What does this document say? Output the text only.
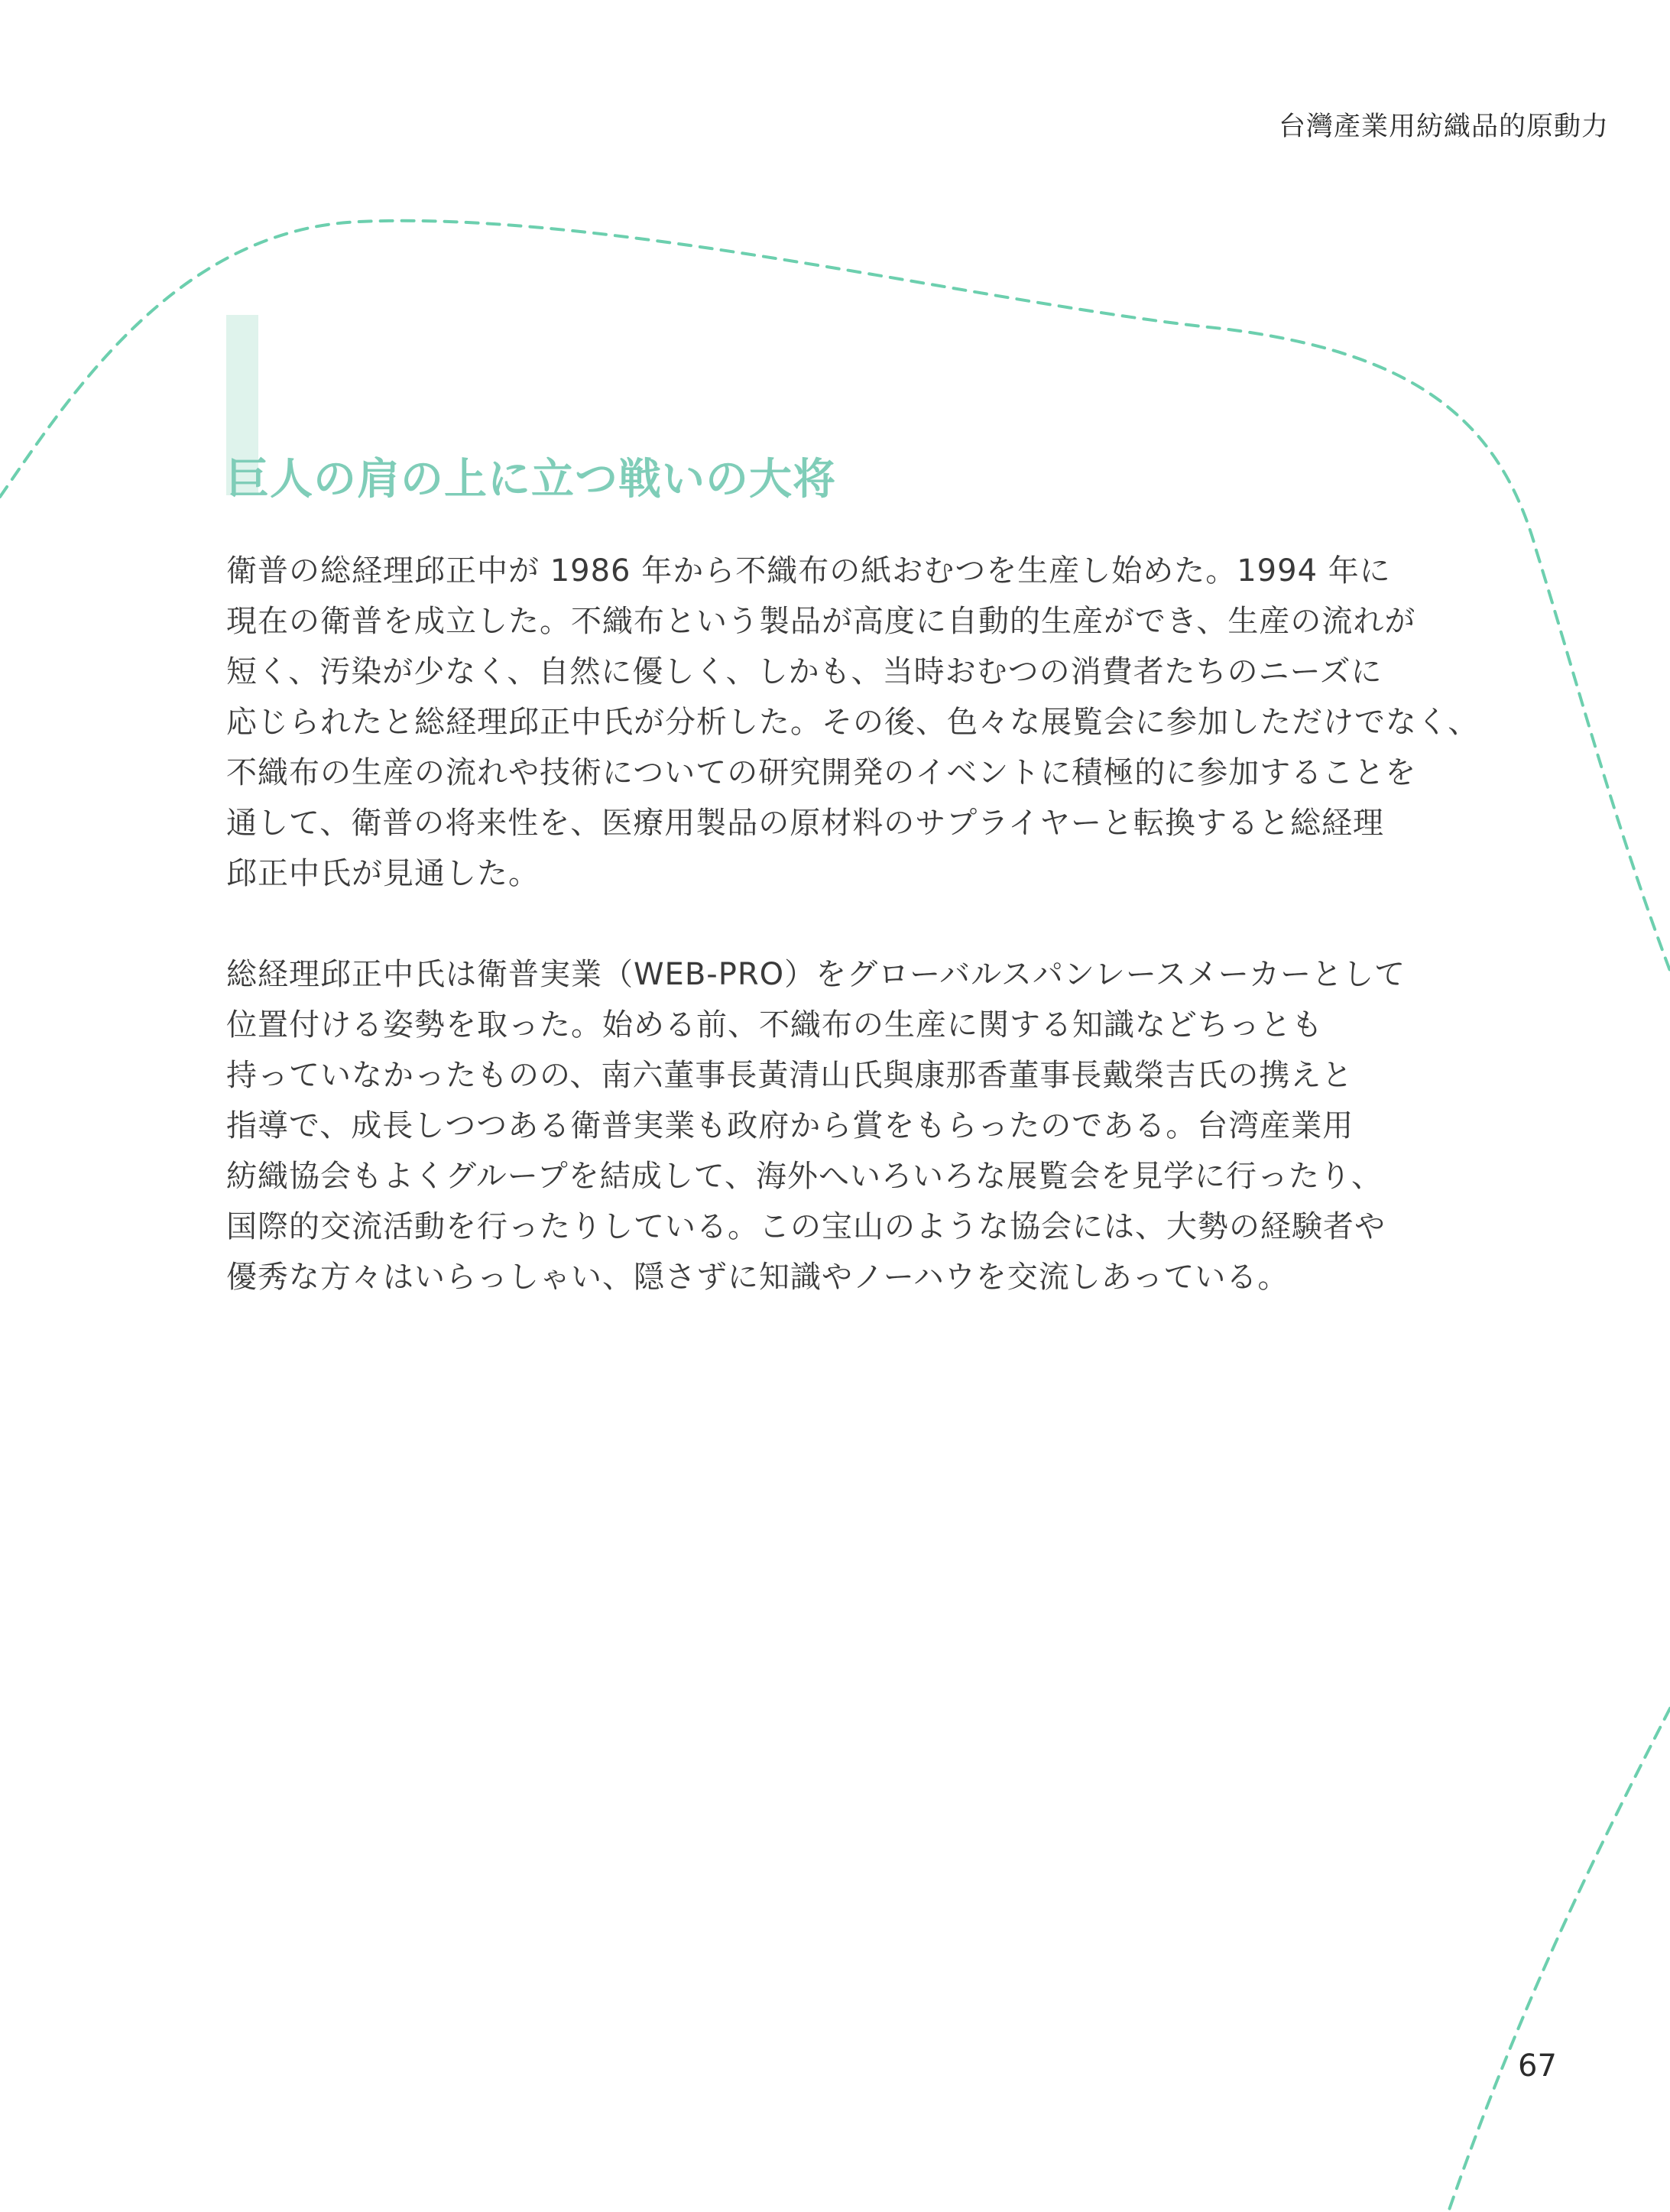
台灣產業用紡織品的原動力
巨人の肩の上に立つ戦いの大将
衛普の総経理邱正中が 1986 年から不織布の紙おむつを生産し始めた。1994 年に
現在の衛普を成立した。不織布という製品が高度に自動的生産ができ、生産の流れが
短く、汚染が少なく、自然に優しく、しかも、当時おむつの消費者たちのニーズに
応じられたと総経理邱正中氏が分析した。その後、色々な展覧会に参加しただけでなく、
不織布の生産の流れや技術についての研究開発のイベントに積極的に参加することを
通して、衛普の将来性を、医療用製品の原材料のサプライヤーと転換すると総経理
邱正中氏が見通した。
総経理邱正中氏は衛普実業（WEB-PRO）をグローバルスパンレースメーカーとして
位置付ける姿勢を取った。始める前、不織布の生産に関する知識などちっとも
持っていなかったものの、南六董事長黃清山氏與康那香董事長戴榮吉氏の携えと
指導で、成長しつつある衛普実業も政府から賞をもらったのである。台湾産業用
紡織協会もよくグループを結成して、海外へいろいろな展覧会を見学に行ったり、
国際的交流活動を行ったりしている。この宝山のような協会には、大勢の経験者や
優秀な方々はいらっしゃい、隠さずに知識やノーハウを交流しあっている。
67
